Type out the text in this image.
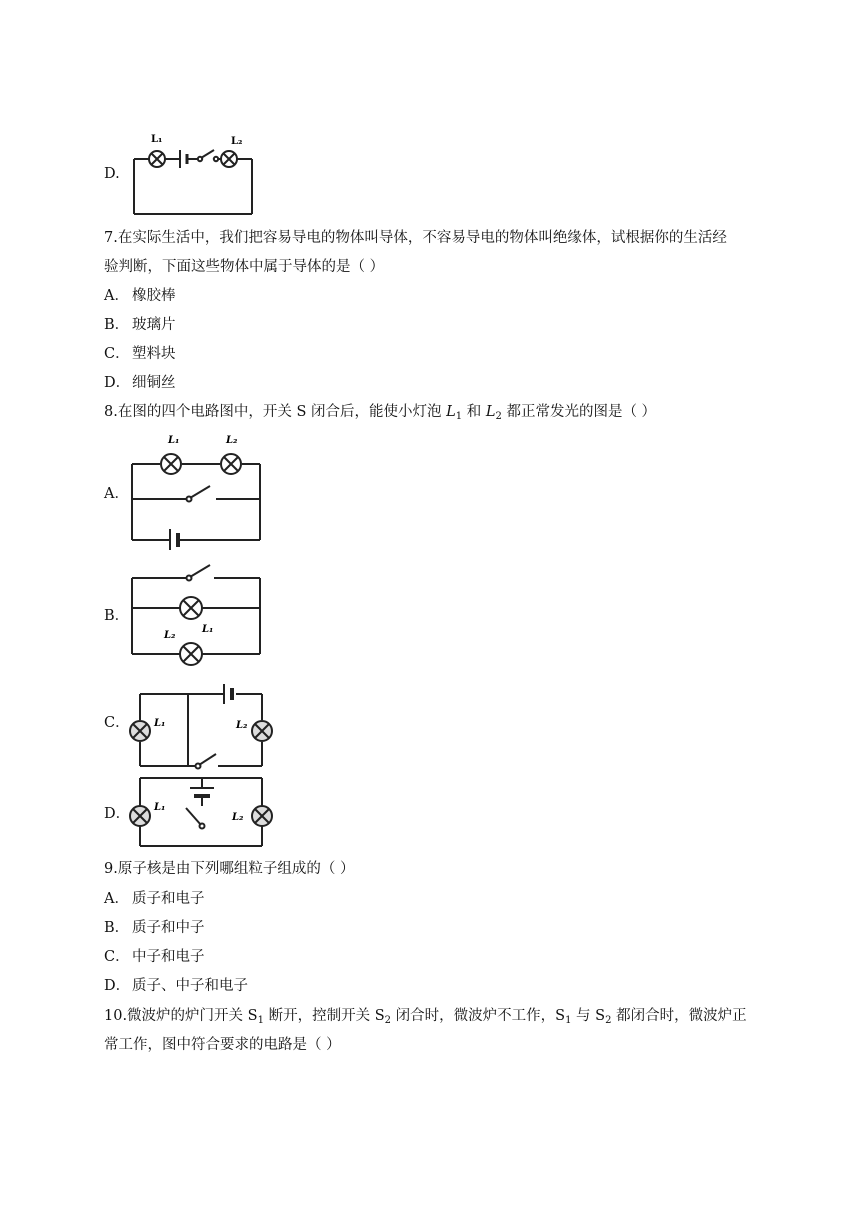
D.
L₁	L₂
7.在实际生活中，我们把容易导电的物体叫导体，不容易导电的物体叫绝缘体，试根据你的生活经
验判断，下面这些物体中属于导体的是（ ）
A． 橡胶棒
B． 玻璃片
C． 塑料块
D． 细铜丝
8.在图的四个电路图中，开关 S 闭合后，能使小灯泡 $L_1$ 和 $L_2$ 都正常发光的图是（ ）
A．
L₁	L₂
B．
L₂
L₁
C． L₁	L₂
D． L₁
L₂
9.原子核是由下列哪组粒子组成的（ ）
A． 质子和电子
B． 质子和中子
C． 中子和电子
D． 质子、中子和电子
10.微波炉的炉门开关 $S_1$ 断开，控制开关 $S_2$ 闭合时，微波炉不工作，$S_1$ 与 $S_2$ 都闭合时，微波炉正
常工作，图中符合要求的电路是（ ）
